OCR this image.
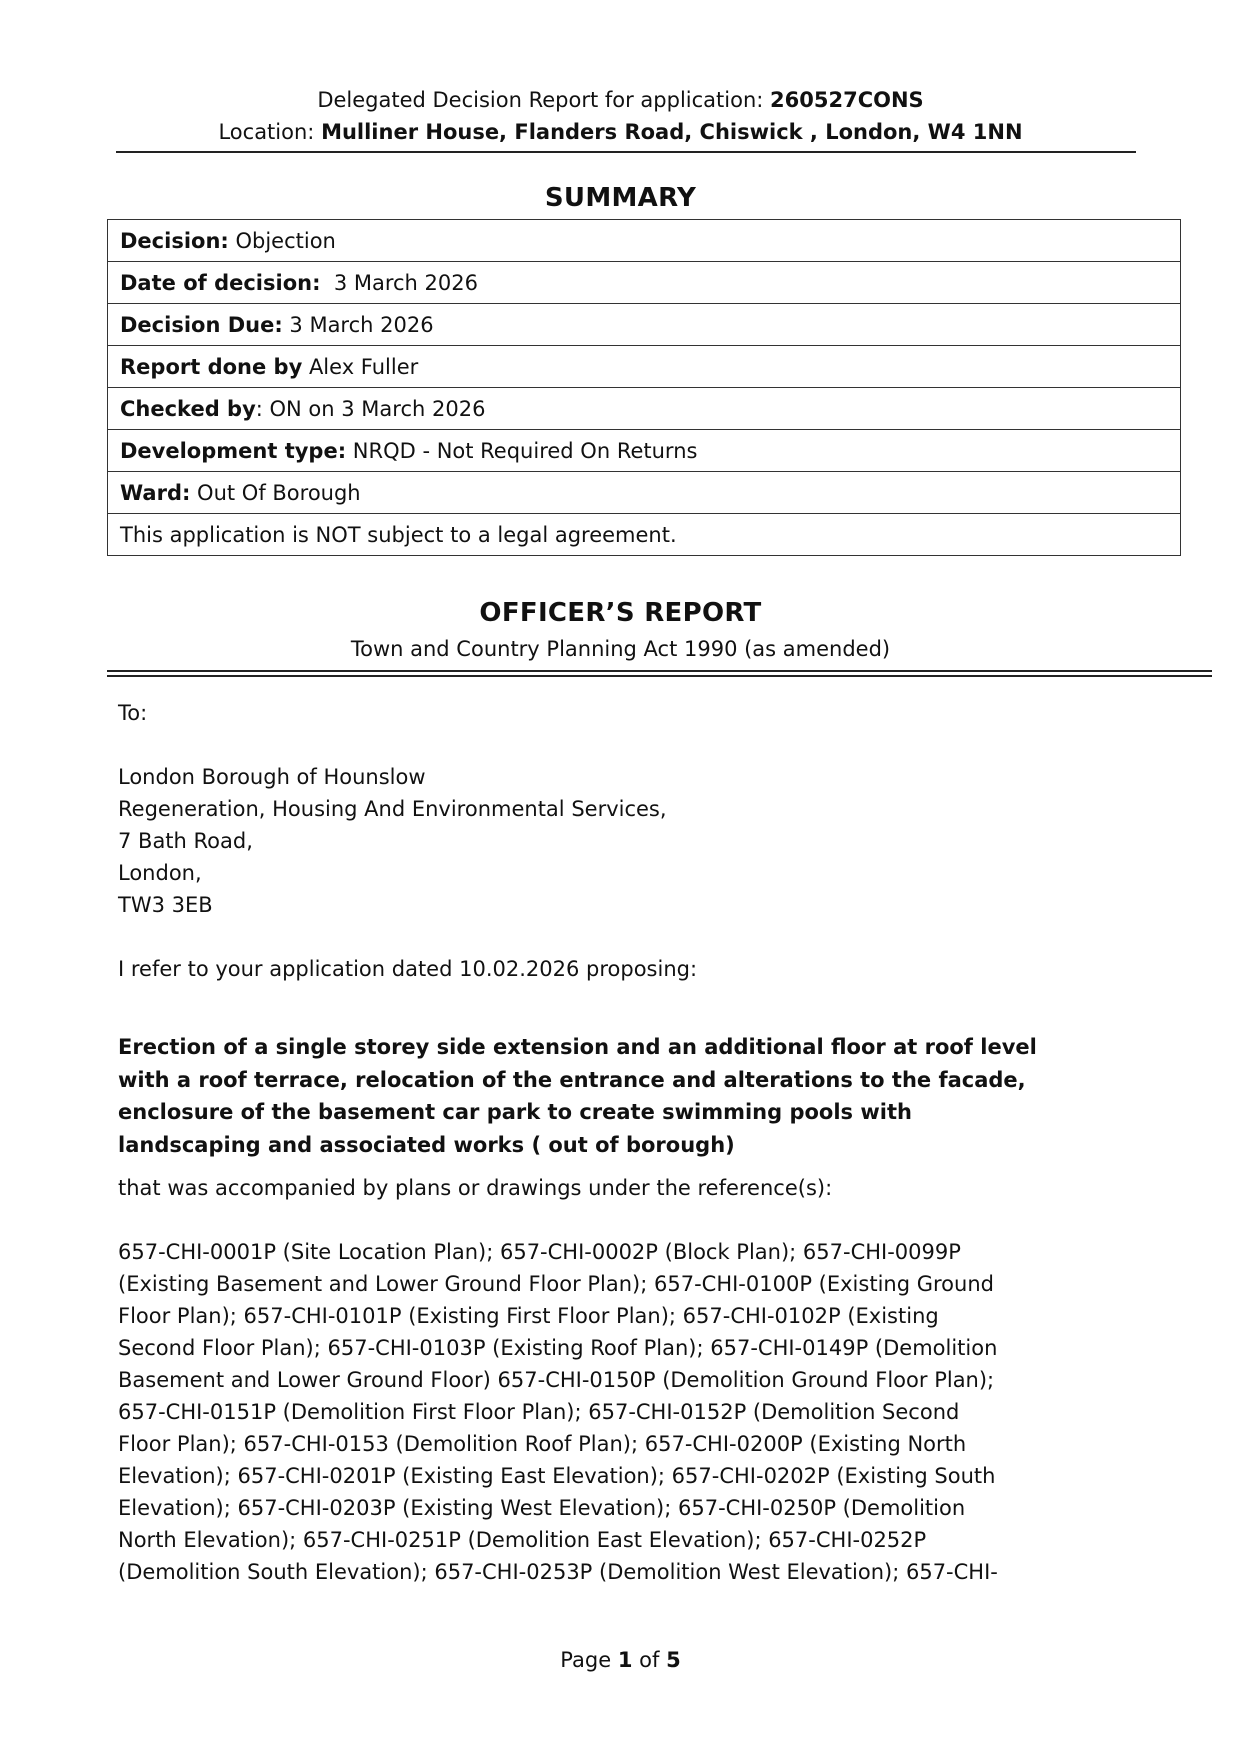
Delegated Decision Report for application: 260527CONS
Location: Mulliner House, Flanders Road, Chiswick , London, W4 1NN
SUMMARY
Decision: Objection
Date of decision:  3 March 2026
Decision Due: 3 March 2026
Report done by Alex Fuller
Checked by: ON on 3 March 2026
Development type: NRQD - Not Required On Returns
Ward: Out Of Borough
This application is NOT subject to a legal agreement.
OFFICER’S REPORT
Town and Country Planning Act 1990 (as amended)
To:
London Borough of Hounslow
Regeneration, Housing And Environmental Services,
7 Bath Road,
London,
TW3 3EB
I refer to your application dated 10.02.2026 proposing:
Erection of a single storey side extension and an additional floor at roof level
with a roof terrace, relocation of the entrance and alterations to the facade,
enclosure of the basement car park to create swimming pools with
landscaping and associated works ( out of borough)
that was accompanied by plans or drawings under the reference(s):
657-CHI-0001P (Site Location Plan); 657-CHI-0002P (Block Plan); 657-CHI-0099P
(Existing Basement and Lower Ground Floor Plan); 657-CHI-0100P (Existing Ground
Floor Plan); 657-CHI-0101P (Existing First Floor Plan); 657-CHI-0102P (Existing
Second Floor Plan); 657-CHI-0103P (Existing Roof Plan); 657-CHI-0149P (Demolition
Basement and Lower Ground Floor) 657-CHI-0150P (Demolition Ground Floor Plan);
657-CHI-0151P (Demolition First Floor Plan); 657-CHI-0152P (Demolition Second
Floor Plan); 657-CHI-0153 (Demolition Roof Plan); 657-CHI-0200P (Existing North
Elevation); 657-CHI-0201P (Existing East Elevation); 657-CHI-0202P (Existing South
Elevation); 657-CHI-0203P (Existing West Elevation); 657-CHI-0250P (Demolition
North Elevation); 657-CHI-0251P (Demolition East Elevation); 657-CHI-0252P
(Demolition South Elevation); 657-CHI-0253P (Demolition West Elevation); 657-CHI-
Page 1 of 5
